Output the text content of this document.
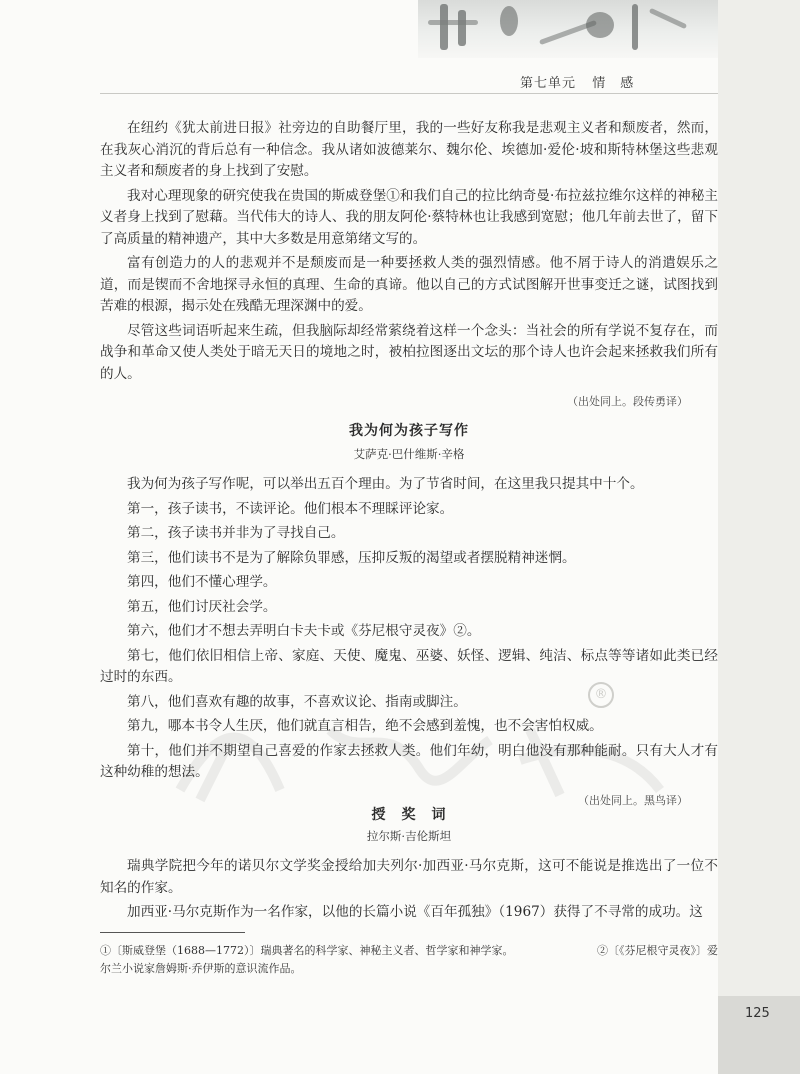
第七单元 情　感

在纽约《犹太前进日报》社旁边的自助餐厅里，我的一些好友称我是悲观主义者和颓废者，然而，在我灰心消沉的背后总有一种信念。我从诸如波德莱尔、魏尔伦、埃德加·爱伦·坡和斯特林堡这些悲观主义者和颓废者的身上找到了安慰。

我对心理现象的研究使我在贵国的斯威登堡①和我们自己的拉比纳奇曼·布拉兹拉维尔这样的神秘主义者身上找到了慰藉。当代伟大的诗人、我的朋友阿伦·蔡特林也让我感到宽慰；他几年前去世了，留下了高质量的精神遗产，其中大多数是用意第绪文写的。

富有创造力的人的悲观并不是颓废而是一种要拯救人类的强烈情感。他不屑于诗人的消遣娱乐之道，而是锲而不舍地探寻永恒的真理、生命的真谛。他以自己的方式试图解开世事变迁之谜，试图找到苦难的根源，揭示处在残酷无理深渊中的爱。

尽管这些词语听起来生疏，但我脑际却经常萦绕着这样一个念头：当社会的所有学说不复存在，而战争和革命又使人类处于暗无天日的境地之时，被柏拉图逐出文坛的那个诗人也许会起来拯救我们所有的人。

（出处同上。段传勇译）
我为何为孩子写作
艾萨克·巴什维斯·辛格

我为何为孩子写作呢，可以举出五百个理由。为了节省时间，在这里我只提其中十个。

第一，孩子读书，不读评论。他们根本不理睬评论家。

第二，孩子读书并非为了寻找自己。

第三，他们读书不是为了解除负罪感，压抑反叛的渴望或者摆脱精神迷惘。

第四，他们不懂心理学。

第五，他们讨厌社会学。

第六，他们才不想去弄明白卡夫卡或《芬尼根守灵夜》②。

第七，他们依旧相信上帝、家庭、天使、魔鬼、巫婆、妖怪、逻辑、纯洁、标点等等诸如此类已经过时的东西。

第八，他们喜欢有趣的故事，不喜欢议论、指南或脚注。

第九，哪本书令人生厌，他们就直言相告，绝不会感到羞愧，也不会害怕权威。

第十，他们并不期望自己喜爱的作家去拯救人类。他们年幼，明白他没有那种能耐。只有大人才有这种幼稚的想法。

（出处同上。黑鸟译）
®
授　奖　词
拉尔斯·吉伦斯坦

瑞典学院把今年的诺贝尔文学奖金授给加夫列尔·加西亚·马尔克斯，这可不能说是推选出了一位不知名的作家。

加西亚·马尔克斯作为一名作家，以他的长篇小说《百年孤独》（1967）获得了不寻常的成功。这

①〔斯威登堡（1688—1772）〕瑞典著名的科学家、神秘主义者、哲学家和神学家。	②〔《芬尼根守灵夜》〕爱
尔兰小说家詹姆斯·乔伊斯的意识流作品。
125
